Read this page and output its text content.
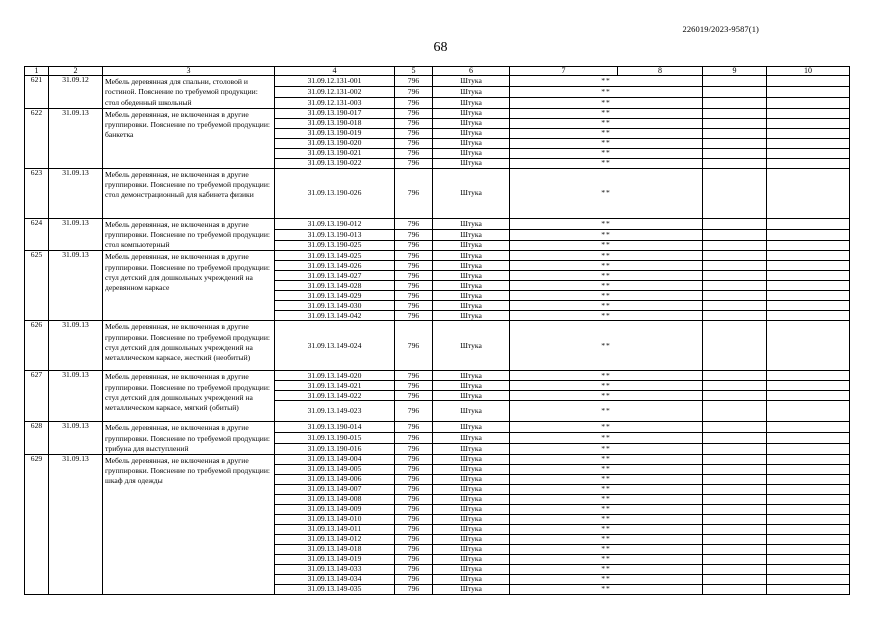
226019/2023-9587(1)
68
1	2	3	4	5	6	7	8	9	10
621	31.09.12	Мебель деревянная для спальни, столовой и гостиной. Пояснение по требуемой продукции: стол обеденный школьный	31.09.12.131-001	796	Штука	**			
			31.09.12.131-002	796	Штука	**			
			31.09.12.131-003	796	Штука	**			
622	31.09.13	Мебель деревянная, не включенная в другие группировки. Пояснение по требуемой продукции: банкетка	31.09.13.190-017	796	Штука	**			
			31.09.13.190-018	796	Штука	**			
			31.09.13.190-019	796	Штука	**			
			31.09.13.190-020	796	Штука	**			
			31.09.13.190-021	796	Штука	**			
			31.09.13.190-022	796	Штука	**			
623	31.09.13	Мебель деревянная, не включенная в другие группировки. Пояснение по требуемой продукции: стол демонстрационный для кабинета физики	31.09.13.190-026	796	Штука	**			
624	31.09.13	Мебель деревянная, не включенная в другие группировки. Пояснение по требуемой продукции: стол компьютерный	31.09.13.190-012	796	Штука	**			
			31.09.13.190-013	796	Штука	**			
			31.09.13.190-025	796	Штука	**			
625	31.09.13	Мебель деревянная, не включенная в другие группировки. Пояснение по требуемой продукции: стул детский для дошкольных учреждений на деревянном каркасе	31.09.13.149-025	796	Штука	**			
			31.09.13.149-026	796	Штука	**			
			31.09.13.149-027	796	Штука	**			
			31.09.13.149-028	796	Штука	**			
			31.09.13.149-029	796	Штука	**			
			31.09.13.149-030	796	Штука	**			
			31.09.13.149-042	796	Штука	**			
626	31.09.13	Мебель деревянная, не включенная в другие группировки. Пояснение по требуемой продукции: стул детский для дошкольных учреждений на металлическом каркасе, жесткий (необитый)	31.09.13.149-024	796	Штука	**			
627	31.09.13	Мебель деревянная, не включенная в другие группировки. Пояснение по требуемой продукции: стул детский для дошкольных учреждений на металлическом каркасе, мягкий (обитый)	31.09.13.149-020	796	Штука	**			
			31.09.13.149-021	796	Штука	**			
			31.09.13.149-022	796	Штука	**			
			31.09.13.149-023	796	Штука	**			
628	31.09.13	Мебель деревянная, не включенная в другие группировки. Пояснение по требуемой продукции: трибуна для выступлений	31.09.13.190-014	796	Штука	**			
			31.09.13.190-015	796	Штука	**			
			31.09.13.190-016	796	Штука	**			
629	31.09.13	Мебель деревянная, не включенная в другие группировки. Пояснение по требуемой продукции: шкаф для одежды	31.09.13.149-004	796	Штука	**			
			31.09.13.149-005	796	Штука	**			
			31.09.13.149-006	796	Штука	**			
			31.09.13.149-007	796	Штука	**			
			31.09.13.149-008	796	Штука	**			
			31.09.13.149-009	796	Штука	**			
			31.09.13.149-010	796	Штука	**			
			31.09.13.149-011	796	Штука	**			
			31.09.13.149-012	796	Штука	**			
			31.09.13.149-018	796	Штука	**			
			31.09.13.149-019	796	Штука	**			
			31.09.13.149-033	796	Штука	**			
			31.09.13.149-034	796	Штука	**			
			31.09.13.149-035	796	Штука	**			
